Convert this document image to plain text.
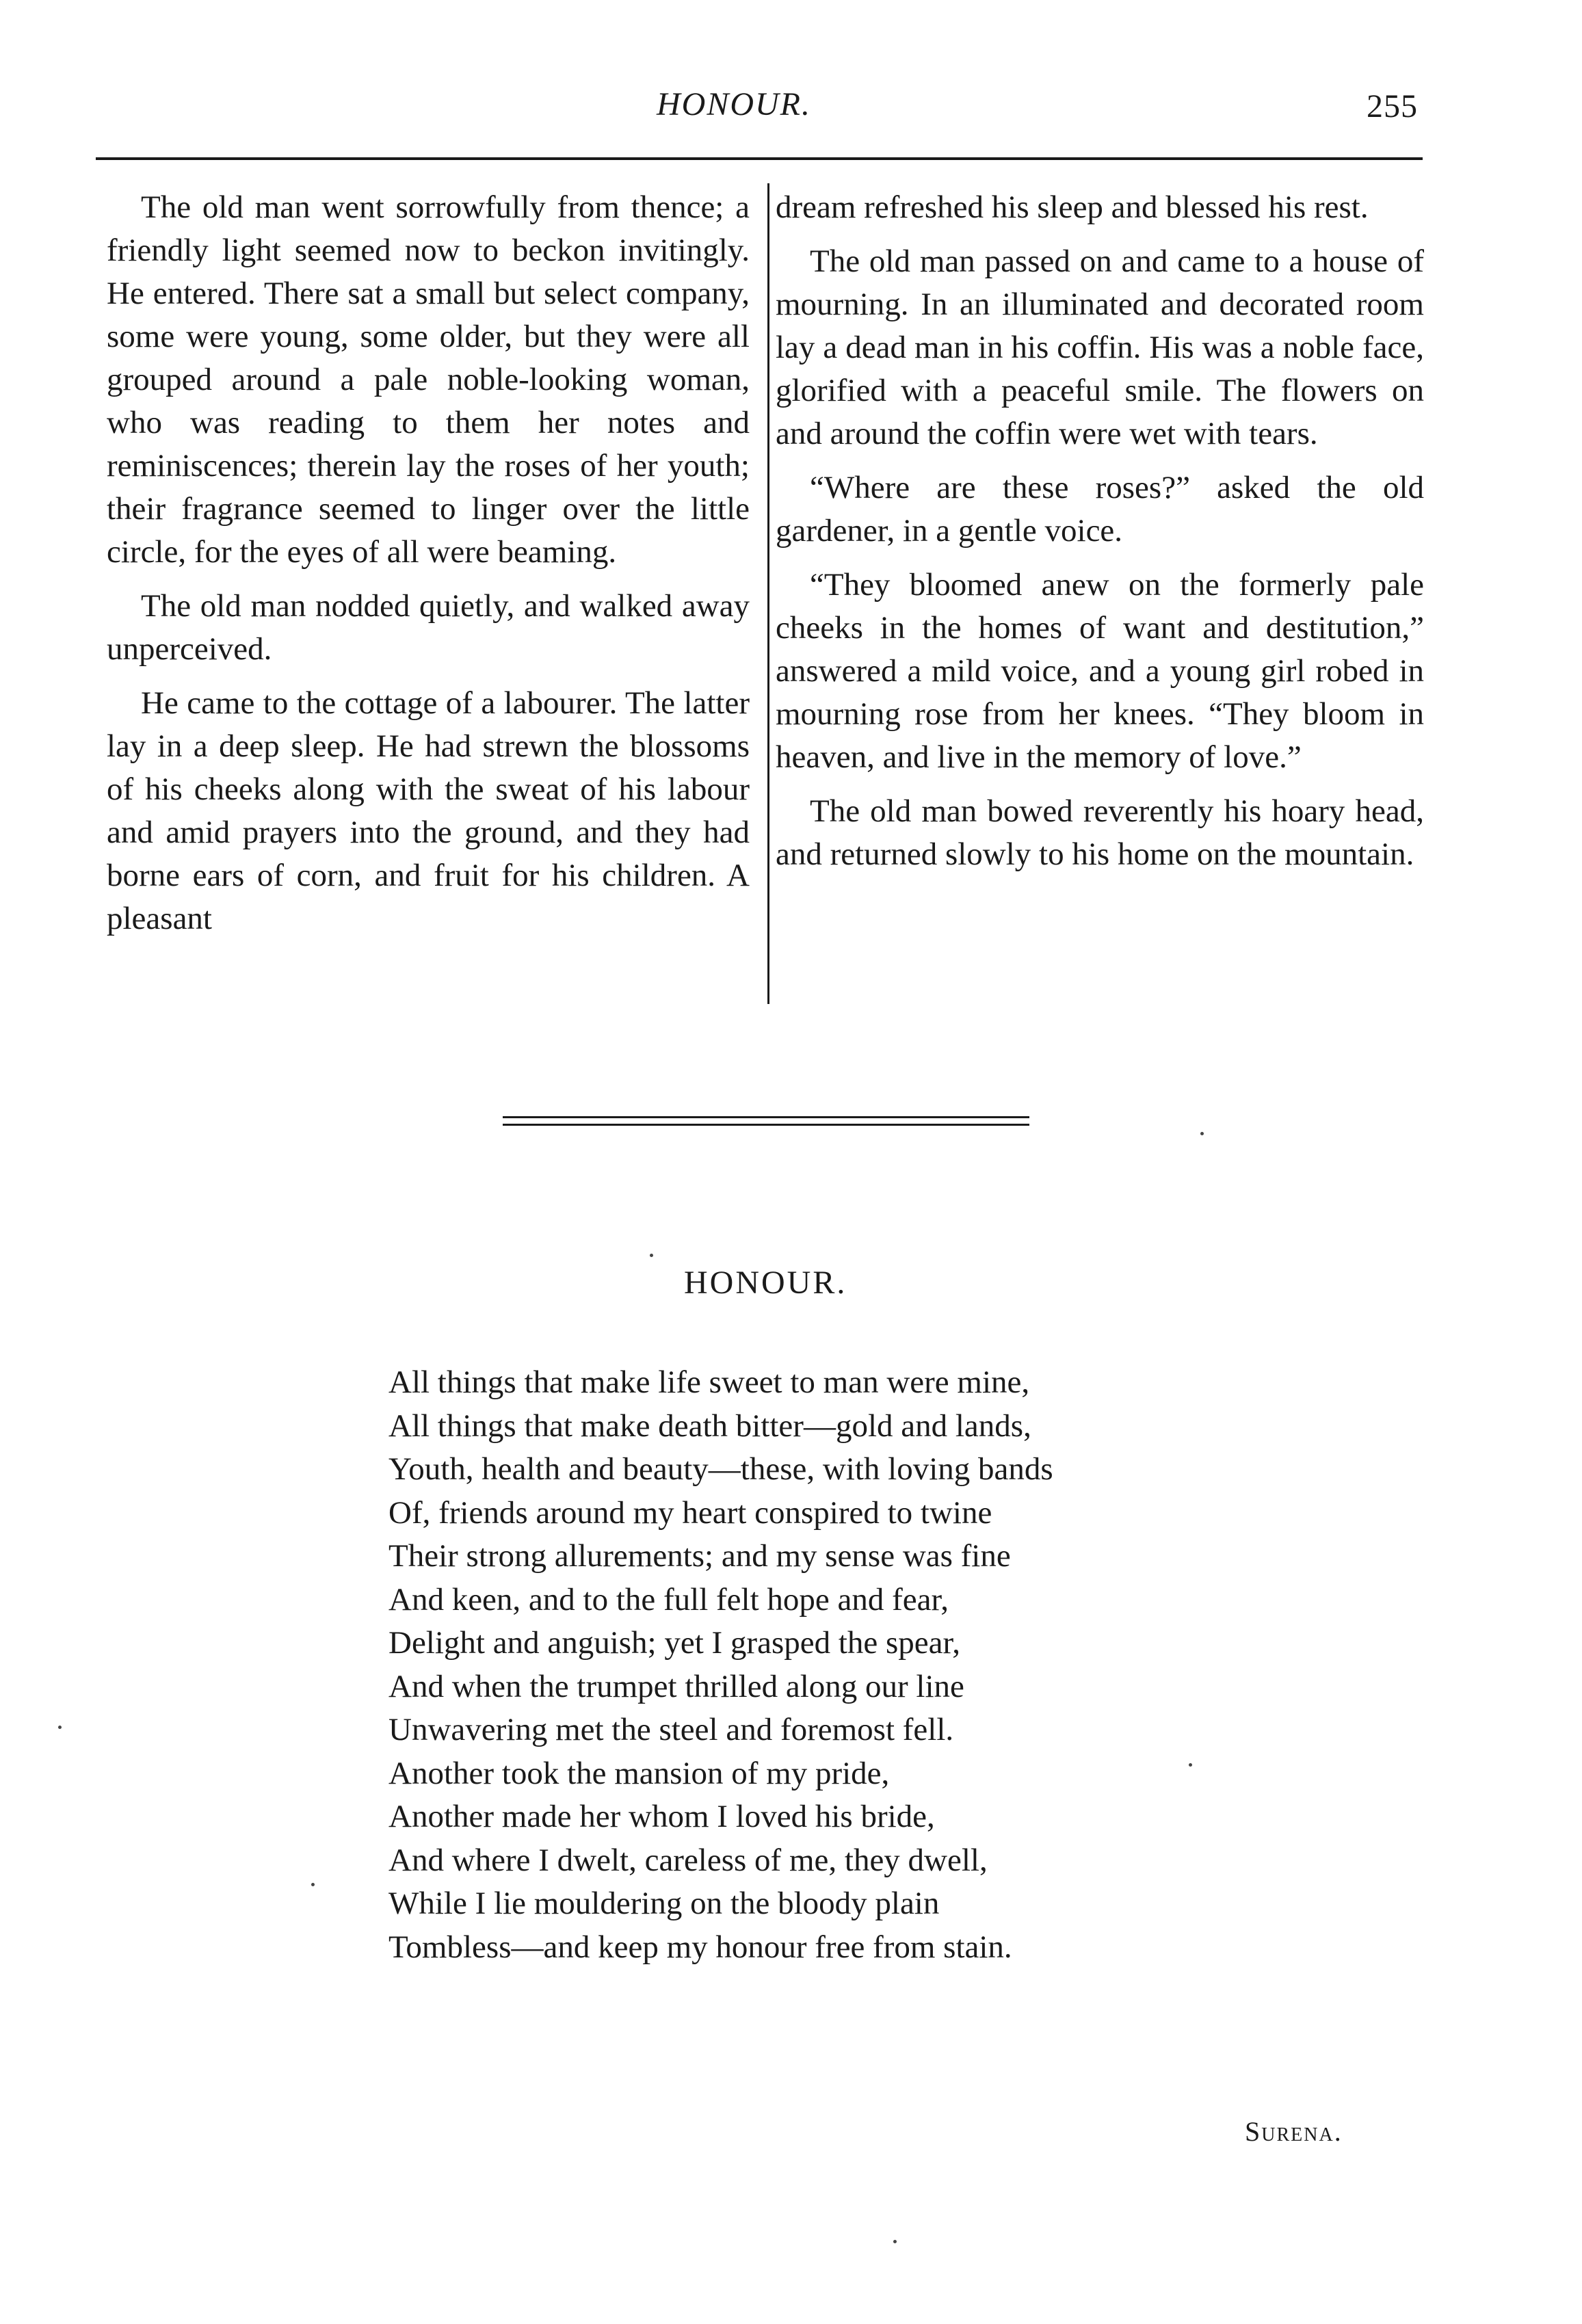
HONOUR.	255

The old man went sorrowfully from thence; a friendly light seemed now to beckon invitingly. He entered. There sat a small but select company, some were young, some older, but they were all grouped around a pale noble-looking woman, who was reading to them her notes and reminiscences; therein lay the roses of her youth; their fragrance seemed to linger over the little circle, for the eyes of all were beaming.

The old man nodded quietly, and walked away unperceived.

He came to the cottage of a labourer. The latter lay in a deep sleep. He had strewn the blossoms of his cheeks along with the sweat of his labour and amid prayers into the ground, and they had borne ears of corn, and fruit for his children. A pleasant

dream refreshed his sleep and blessed his rest.

The old man passed on and came to a house of mourning. In an illuminated and decorated room lay a dead man in his coffin. His was a noble face, glorified with a peaceful smile. The flowers on and around the coffin were wet with tears.

“Where are these roses?” asked the old gardener, in a gentle voice.

“They bloomed anew on the formerly pale cheeks in the homes of want and destitution,” answered a mild voice, and a young girl robed in mourning rose from her knees. “They bloom in heaven, and live in the memory of love.”

The old man bowed reverently his hoary head, and returned slowly to his home on the mountain.

HONOUR.
All things that make life sweet to man were mine,
All things that make death bitter—gold and lands,
Youth, health and beauty—these, with loving bands
Of, friends around my heart conspired to twine
Their strong allurements; and my sense was fine
And keen, and to the full felt hope and fear,
Delight and anguish; yet I grasped the spear,
And when the trumpet thrilled along our line
Unwavering met the steel and foremost fell.
Another took the mansion of my pride,
Another made her whom I loved his bride,
And where I dwelt, careless of me, they dwell,
While I lie mouldering on the bloody plain
Tombless—and keep my honour free from stain.
Surena.
